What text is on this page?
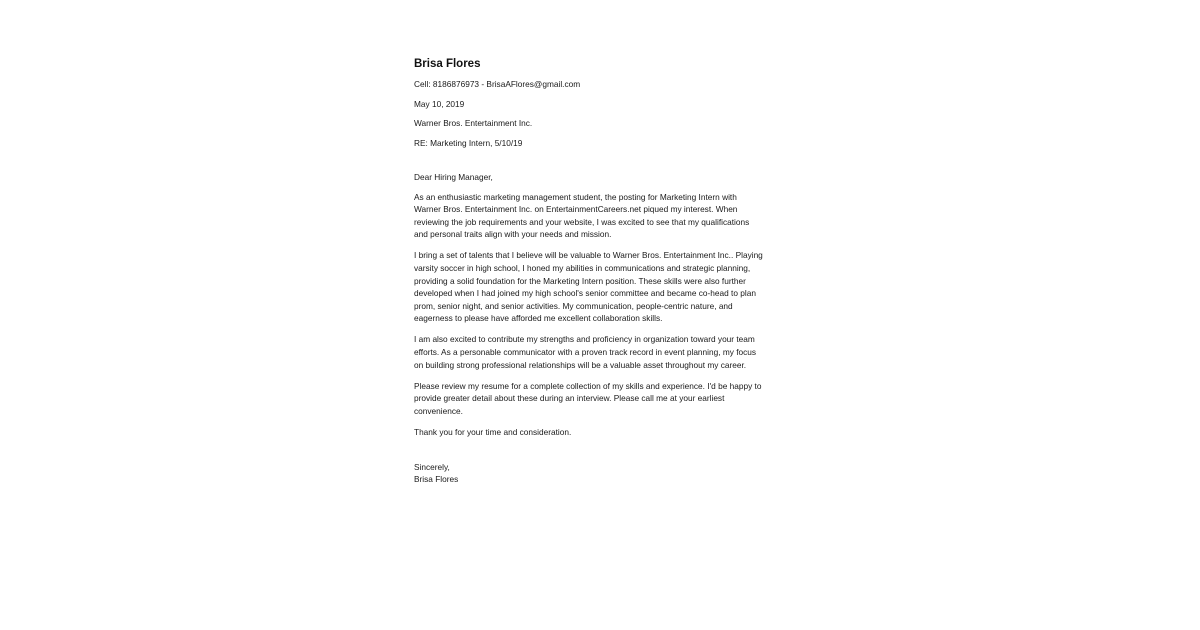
Brisa Flores
Cell: 8186876973 - BrisaAFlores@gmail.com
May 10, 2019
Warner Bros. Entertainment Inc.
RE: Marketing Intern, 5/10/19
Dear Hiring Manager,
As an enthusiastic marketing management student, the posting for Marketing Intern with
Warner Bros. Entertainment Inc. on EntertainmentCareers.net piqued my interest. When
reviewing the job requirements and your website, I was excited to see that my qualifications
and personal traits align with your needs and mission.
I bring a set of talents that I believe will be valuable to Warner Bros. Entertainment Inc.. Playing
varsity soccer in high school, I honed my abilities in communications and strategic planning,
providing a solid foundation for the Marketing Intern position. These skills were also further
developed when I had joined my high school's senior committee and became co-head to plan
prom, senior night, and senior activities. My communication, people-centric nature, and
eagerness to please have afforded me excellent collaboration skills.
I am also excited to contribute my strengths and proficiency in organization toward your team
efforts. As a personable communicator with a proven track record in event planning, my focus
on building strong professional relationships will be a valuable asset throughout my career.
Please review my resume for a complete collection of my skills and experience. I'd be happy to
provide greater detail about these during an interview. Please call me at your earliest
convenience.
Thank you for your time and consideration.
Sincerely,
Brisa Flores
